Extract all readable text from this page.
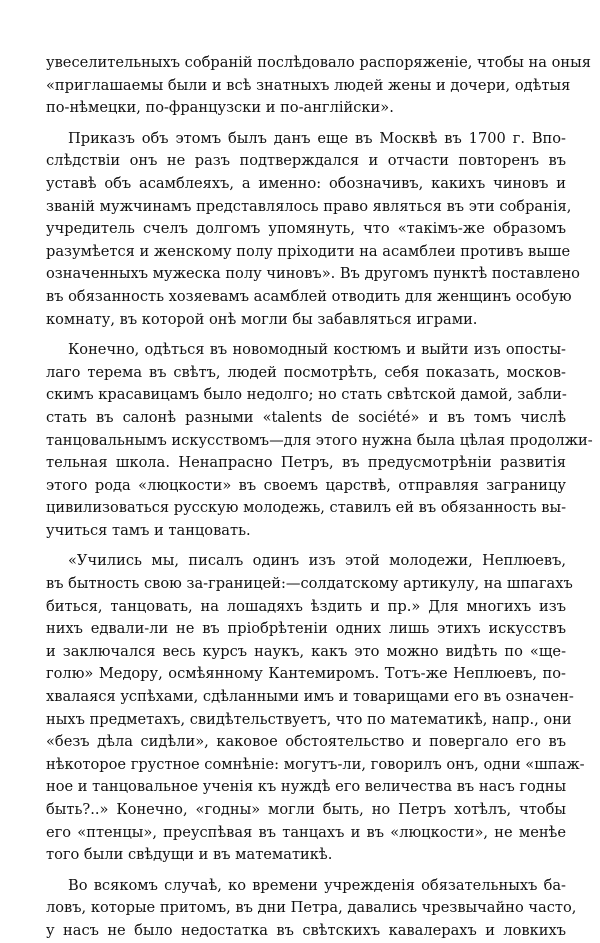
увеселительныхъ собраній послѣдовало распоряженіе, чтобы на оныя
«приглашаемы были и всѣ знатныхъ людей жены и дочери, одѣтыя
по-нѣмецки, по-французски и по-англійски».
Приказъ объ этомъ былъ данъ еще въ Москвѣ въ 1700 г. Впо-
слѣдствіи онъ не разъ подтверждался и отчасти повторенъ въ
уставѣ объ асамблеяхъ, а именно: обозначивъ, какихъ чиновъ и
званій мужчинамъ представлялось право являться въ эти собранія,
учредитель счелъ долгомъ упомянуть, что «такімъ-же образомъ
разумѣется и женскому полу пріходити на асамблеи противъ выше
означенныхъ мужеска полу чиновъ». Въ другомъ пунктѣ поставлено
въ обязанность хозяевамъ асамблей отводить для женщинъ особую
комнату, въ которой онѣ могли бы забавляться играми.
Конечно, одѣться въ новомодный костюмъ и выйти изъ опосты-
лаго терема въ свѣтъ, людей посмотрѣть, себя показать, москов-
скимъ красавицамъ было недолго; но стать свѣтской дамой, забли-
стать въ салонѣ разными «talents de société» и въ томъ числѣ
танцовальнымъ искусствомъ—для этого нужна была цѣлая продолжи-
тельная школа. Ненапрасно Петръ, въ предусмотрѣніи развитія
этого рода «люцкости» въ своемъ царствѣ, отправляя заграницу
цивилизоваться русскую молодежь, ставилъ ей въ обязанность вы-
учиться тамъ и танцовать.
«Учились мы, писалъ одинъ изъ этой молодежи, Неплюевъ,
въ бытность свою за-границей:—солдатскому артикулу, на шпагахъ
биться, танцовать, на лошадяхъ ѣздить и пр.» Для многихъ изъ
нихъ едвали-ли не въ пріобрѣтеніи одних лишь этихъ искусствъ
и заключался весь курсъ наукъ, какъ это можно видѣть по «ще-
голю» Медору, осмѣянному Кантемиромъ. Тотъ-же Неплюевъ, по-
хвалаяся успѣхами, сдѣланными имъ и товарищами его въ означен-
ныхъ предметахъ, свидѣтельствуетъ, что по математикѣ, напр., они
«безъ дѣла сидѣли», каковое обстоятельство и повергало его въ
нѣкоторое грустное сомнѣніе: могутъ-ли, говорилъ онъ, одни «шпаж-
ное и танцовальное ученія къ нуждѣ его величества въ насъ годны
быть?..» Конечно, «годны» могли быть, но Петръ хотѣлъ, чтобы
его «птенцы», преуспѣвая въ танцахъ и въ «люцкости», не менѣе
того были свѣдущи и въ математикѣ.
Во всякомъ случаѣ, ко времени учрежденія обязательныхъ ба-
ловъ, которые притомъ, въ дни Петра, давались чрезвычайно часто,
у насъ не было недостатка въ свѣтскихъ кавалерахъ и ловкихъ
